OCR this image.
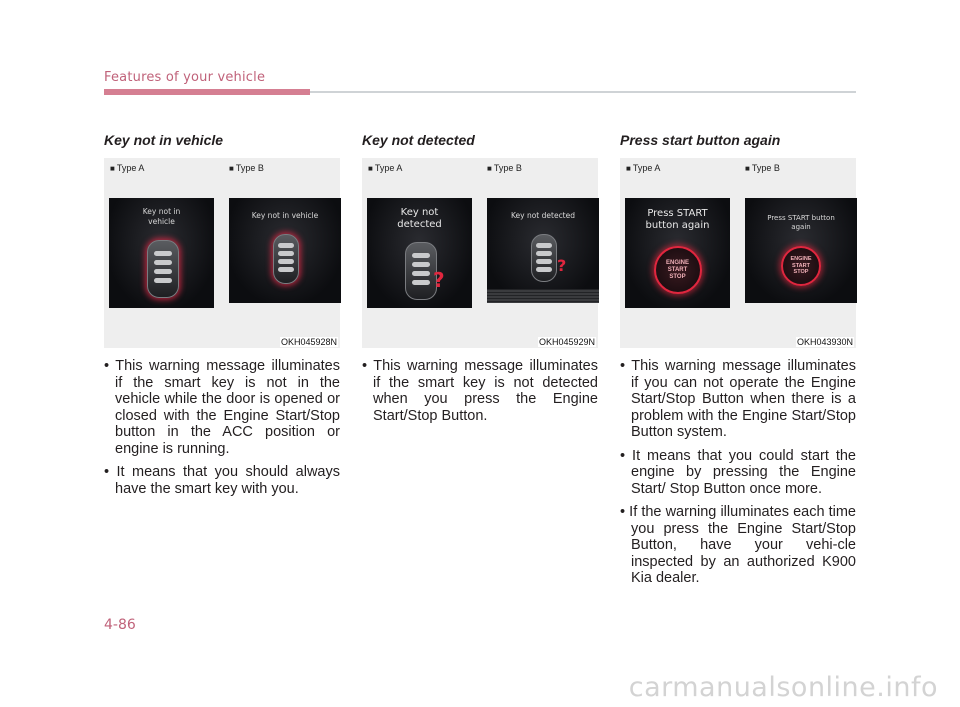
Features of your vehicle
Key not in vehicle
■ Type A
Key not in
vehicle
■ Type B
Key not in vehicle
OKH045928N
• This warning message illuminates if the smart key is not in the vehicle while the door is opened or closed with the Engine Start/Stop button in the ACC position or engine is running.
• It means that you should always have the smart key with you.
Key not detected
■ Type A
Key not
detected
?
■ Type B
Key not detected
?
OKH045929N
• This warning message illuminates if the smart key is not detected when you press the Engine Start/Stop Button.
Press start button again
■ Type A
Press START
button again
ENGINE
START
STOP
■ Type B
Press START button
again
ENGINE
START
STOP
OKH043930N
• This warning message illuminates if you can not operate the Engine Start/Stop Button when there is a problem with the Engine Start/Stop Button system.
• It means that you could start the engine by pressing the Engine Start/ Stop Button once more.
• If the warning illuminates each time you press the Engine Start/Stop Button, have your vehi-cle inspected by an authorized K900 Kia dealer.
4-86
carmanualsonline.info
